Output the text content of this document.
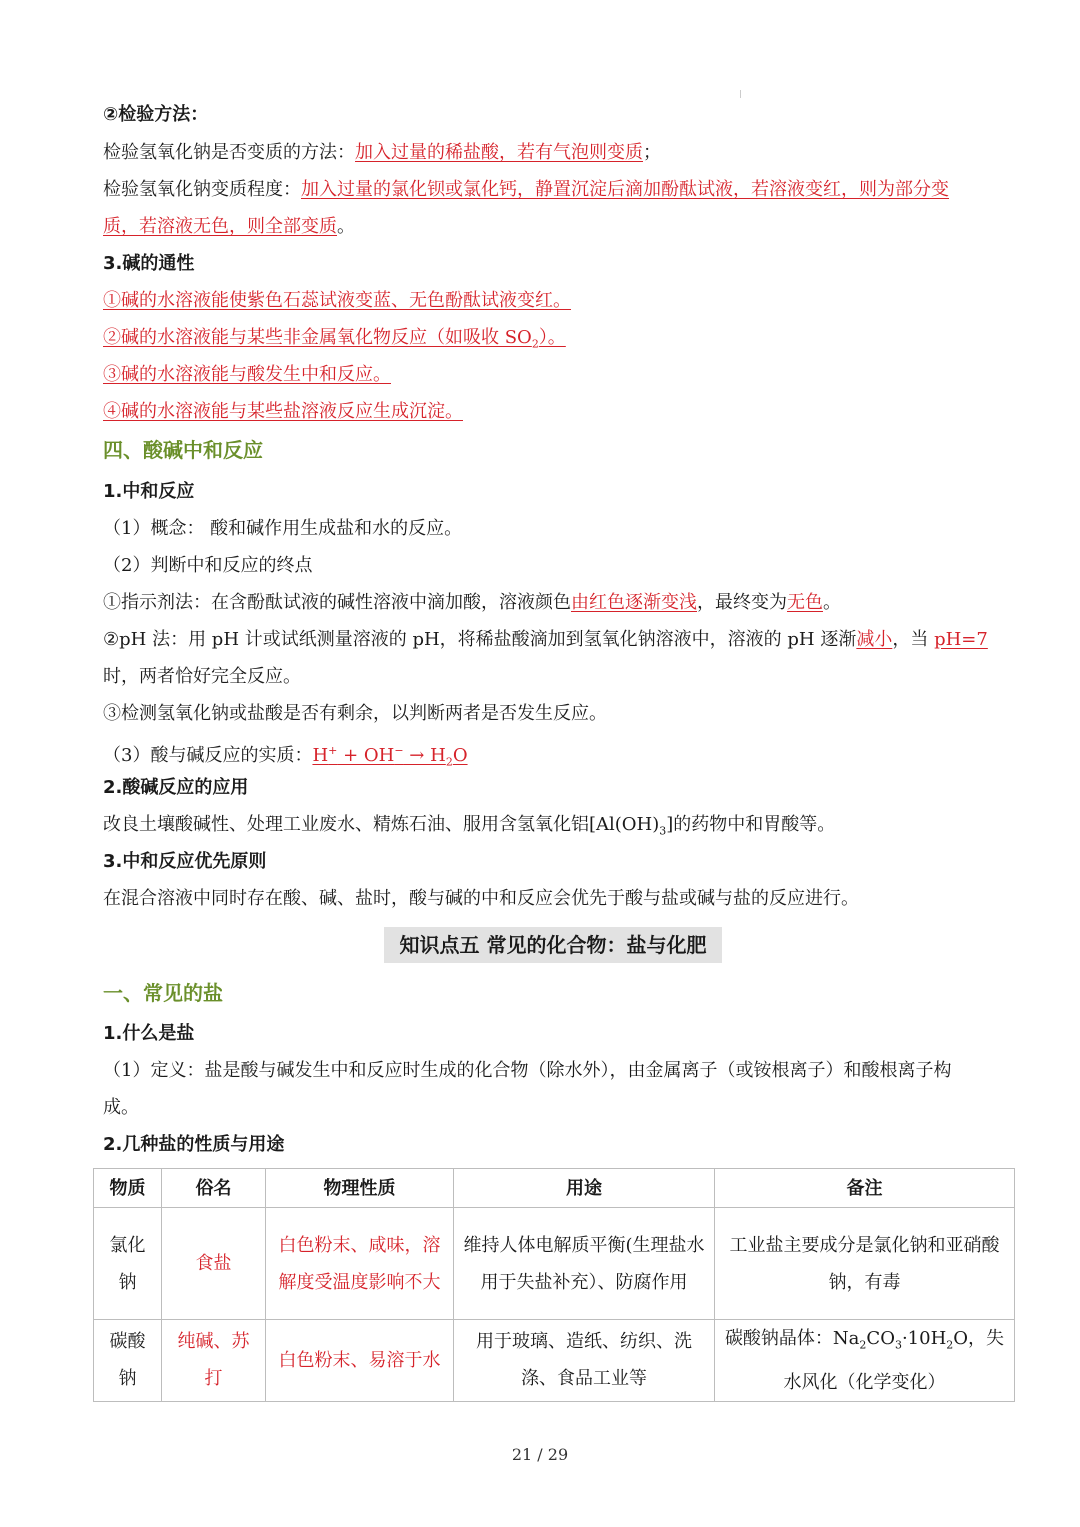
②检验方法：
检验氢氧化钠是否变质的方法：加入过量的稀盐酸，若有气泡则变质；
检验氢氧化钠变质程度：加入过量的氯化钡或氯化钙，静置沉淀后滴加酚酞试液，若溶液变红，则为部分变
质，若溶液无色，则全部变质。
3.碱的通性
①碱的水溶液能使紫色石蕊试液变蓝、无色酚酞试液变红。
②碱的水溶液能与某些非金属氧化物反应（如吸收 $SO_2$）。
③碱的水溶液能与酸发生中和反应。
④碱的水溶液能与某些盐溶液反应生成沉淀。
四、酸碱中和反应
1.中和反应
（1）概念： 酸和碱作用生成盐和水的反应。
（2）判断中和反应的终点
①指示剂法：在含酚酞试液的碱性溶液中滴加酸，溶液颜色由红色逐渐变浅，最终变为无色。
②pH 法：用 pH 计或试纸测量溶液的 pH，将稀盐酸滴加到氢氧化钠溶液中，溶液的 pH 逐渐减小，当 pH=7
时，两者恰好完全反应。
③检测氢氧化钠或盐酸是否有剩余，以判断两者是否发生反应。
（3）酸与碱反应的实质：$H^+ + OH^- \to H_2O$
2.酸碱反应的应用
改良土壤酸碱性、处理工业废水、精炼石油、服用含氢氧化铝$[Al(OH)_3]$的药物中和胃酸等。
3.中和反应优先原则
在混合溶液中同时存在酸、碱、盐时，酸与碱的中和反应会优先于酸与盐或碱与盐的反应进行。
知识点五 常见的化合物：盐与化肥
一、常见的盐
1.什么是盐
（1）定义：盐是酸与碱发生中和反应时生成的化合物（除水外），由金属离子（或铵根离子）和酸根离子构
成。
2.几种盐的性质与用途
物质	俗名	物理性质	用途	备注
氯化钠	食盐	白色粉末、咸味，溶解度受温度影响不大	维持人体电解质平衡(生理盐水用于失盐补充）、防腐作用	工业盐主要成分是氯化钠和亚硝酸钠，有毒
碳酸钠	纯碱、苏打	白色粉末、易溶于水	用于玻璃、造纸、纺织、洗涤、食品工业等	碳酸钠晶体：$Na_2CO_3\cdot 10H_2O$，失水风化（化学变化）
21 / 29
